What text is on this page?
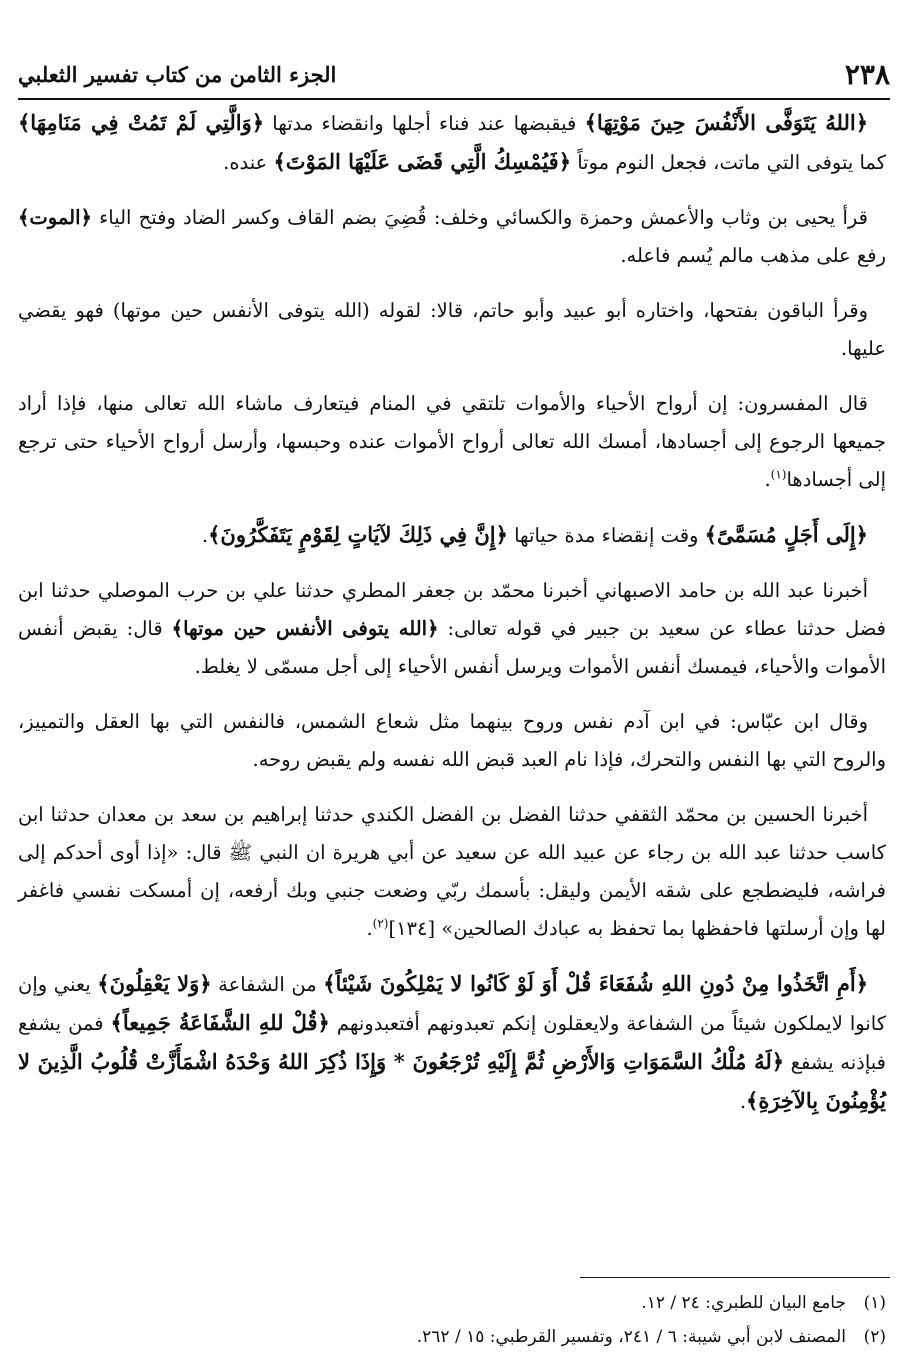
٢٣٨
الجزء الثامن من كتاب تفسير الثعلبي

﴿اللهُ يَتَوَفَّى الأَنْفُسَ حِينَ مَوْتِهَا﴾ فيقبضها عند فناء أجلها وانقضاء مدتها ﴿وَالَّتِي لَمْ تَمُتْ فِي مَنَامِهَا﴾ كما يتوفى التي ماتت، فجعل النوم موتاً ﴿فَيُمْسِكُ الَّتِي قَضَى عَلَيْهَا المَوْتَ﴾ عنده.

قرأ يحيى بن وثاب والأعمش وحمزة والكسائي وخلف: قُضِيَ بضم القاف وكسر الضاد وفتح الياء ﴿الموت﴾ رفع على مذهب مالم يُسم فاعله.

وقرأ الباقون بفتحها، واختاره أبو عبيد وأبو حاتم، قالا: لقوله (الله يتوفى الأنفس حين موتها) فهو يقضي عليها.

قال المفسرون: إن أرواح الأحياء والأموات تلتقي في المنام فيتعارف ماشاء الله تعالى منها، فإذا أراد جميعها الرجوع إلى أجسادها، أمسك الله تعالى أرواح الأموات عنده وحبسها، وأرسل أرواح الأحياء حتى ترجع إلى أجسادها$^{(١)}$.

﴿إِلَى أَجَلٍ مُسَمَّىً﴾ وقت إنقضاء مدة حياتها ﴿إِنَّ فِي ذَلِكَ لآيَاتٍ لِقَوْمٍ يَتَفَكَّرُونَ﴾.

أخبرنا عبد الله بن حامد الاصبهاني أخبرنا محمّد بن جعفر المطري حدثنا علي بن حرب الموصلي حدثنا ابن فضل حدثنا عطاء عن سعيد بن جبير في قوله تعالى: ﴿الله يتوفى الأنفس حين موتها﴾ قال: يقبض أنفس الأموات والأحياء، فيمسك أنفس الأموات ويرسل أنفس الأحياء إلى أجل مسمّى لا يغلط.

وقال ابن عبّاس: في ابن آدم نفس وروح بينهما مثل شعاع الشمس، فالنفس التي بها العقل والتمييز، والروح التي بها النفس والتحرك، فإذا نام العبد قبض الله نفسه ولم يقبض روحه.

أخبرنا الحسين بن محمّد الثقفي حدثنا الفضل بن الفضل الكندي حدثنا إبراهيم بن سعد بن معدان حدثنا ابن كاسب حدثنا عبد الله بن رجاء عن عبيد الله عن سعيد عن أبي هريرة ان النبي ﷺ قال: «إذا أوى أحدكم إلى فراشه، فليضطجع على شقه الأيمن وليقل: بأسمك ربّي وضعت جنبي وبك أرفعه، إن أمسكت نفسي فاغفر لها وإن أرسلتها فاحفظها بما تحفظ به عبادك الصالحين» [١٣٤]$^{(٢)}$.

﴿أَمِ اتَّخَذُوا مِنْ دُونِ اللهِ شُفَعَاءَ قُلْ أَوَ لَوْ كَانُوا لا يَمْلِكُونَ شَيْئاً﴾ من الشفاعة ﴿وَلا يَعْقِلُونَ﴾ يعني وإن كانوا لايملكون شيئاً من الشفاعة ولايعقلون إنكم تعبدونهم أفتعبدونهم ﴿قُلْ للهِ الشَّفَاعَةُ جَمِيعاً﴾ فمن يشفع فبإذنه يشفع ﴿لَهُ مُلْكُ السَّمَوَاتِ وَالأَرْضِ ثُمَّ إِلَيْهِ تُرْجَعُونَ * وَإِذَا ذُكِرَ اللهُ وَحْدَهُ اشْمَأَزَّتْ قُلُوبُ الَّذِينَ لا يُؤْمِنُونَ بِالآخِرَةِ﴾.

(١)
جامع البيان للطبري: ٢٤ / ١٢.
(٢)
المصنف لابن أبي شيبة: ٦ / ٢٤١، وتفسير القرطبي: ١٥ / ٢٦٢.
